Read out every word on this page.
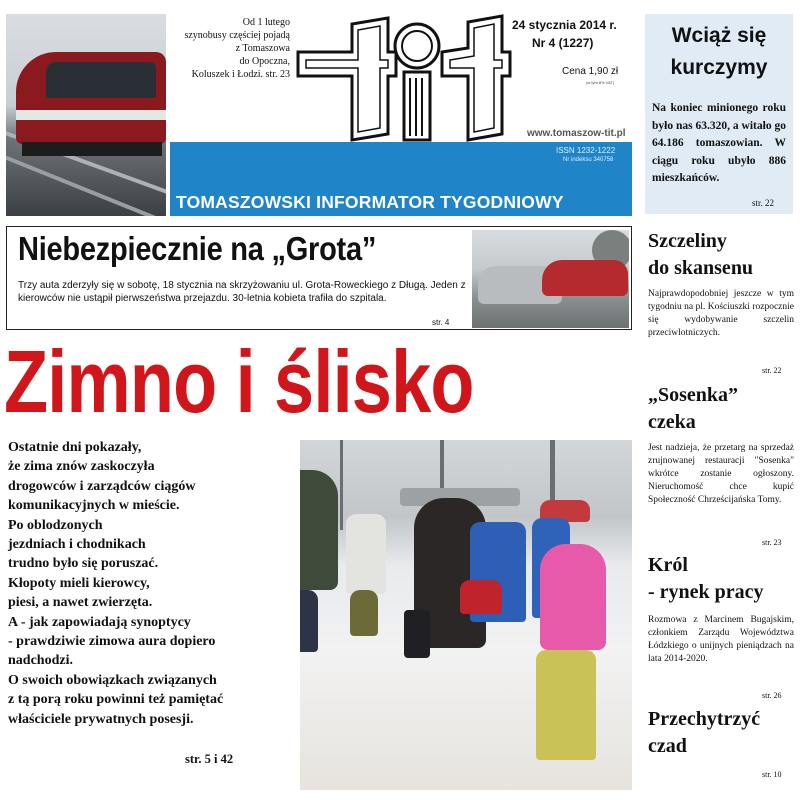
Od 1 lutego
szynobusy częściej pojadą
z Tomaszowa
do Opoczna,
Koluszek i Łodzi. str. 23
24 stycznia 2014 r.
Nr 4 (1227)
Cena 1,90 zł
(w tym 8% VAT)
www.tomaszow-tit.pl
ISSN 1232-1222
Nr indeksu 340758
TOMASZOWSKI INFORMATOR TYGODNIOWY
Wciąż się
kurczymy
Na koniec minionego roku było nas 63.320, a witało go 64.186 tomaszowian. W ciągu roku ubyło 886 mieszkańców.
str. 22
Niebezpiecznie na „Grota”
Trzy auta zderzyły się w sobotę, 18 stycznia na skrzyżowaniu ul. Grota-Roweckiego z Długą. Jeden z kierowców nie ustąpił pierwszeństwa przejazdu. 30-letnia kobieta trafiła do szpitala.
str. 4
Zimno i ślisko

Ostatnie dni pokazały,

że zima znów zaskoczyła

drogowców i zarządców ciągów

komunikacyjnych w mieście.

Po oblodzonych

jezdniach i chodnikach

trudno było się poruszać.

Kłopoty mieli kierowcy,

piesi, a nawet zwierzęta.

A - jak zapowiadają synoptycy

- prawdziwie zimowa aura dopiero

nadchodzi.

O swoich obowiązkach związanych

z tą porą roku powinni też pamiętać

właściciele prywatnych posesji.

str. 5 i 42
Szczeliny
do skansenu
Najprawdopodobniej jeszcze w tym tygodniu na pl. Kościuszki rozpocznie się wydobywanie szczelin przeciwlotniczych.
str. 22
„Sosenka”
czeka
Jest nadzieja, że przetarg na sprzedaż zrujnowanej restauracji "Sosenka" wkrótce zostanie ogłoszony. Nieruchomość chce kupić Społeczność Chrześcijańska Tomy.
str. 23
Król
- rynek pracy
Rozmowa z Marcinem Bugajskim, członkiem Zarządu Województwa Łódzkiego o unijnych pieniądzach na lata 2014-2020.
str. 26
Przechytrzyć
czad
str. 10
